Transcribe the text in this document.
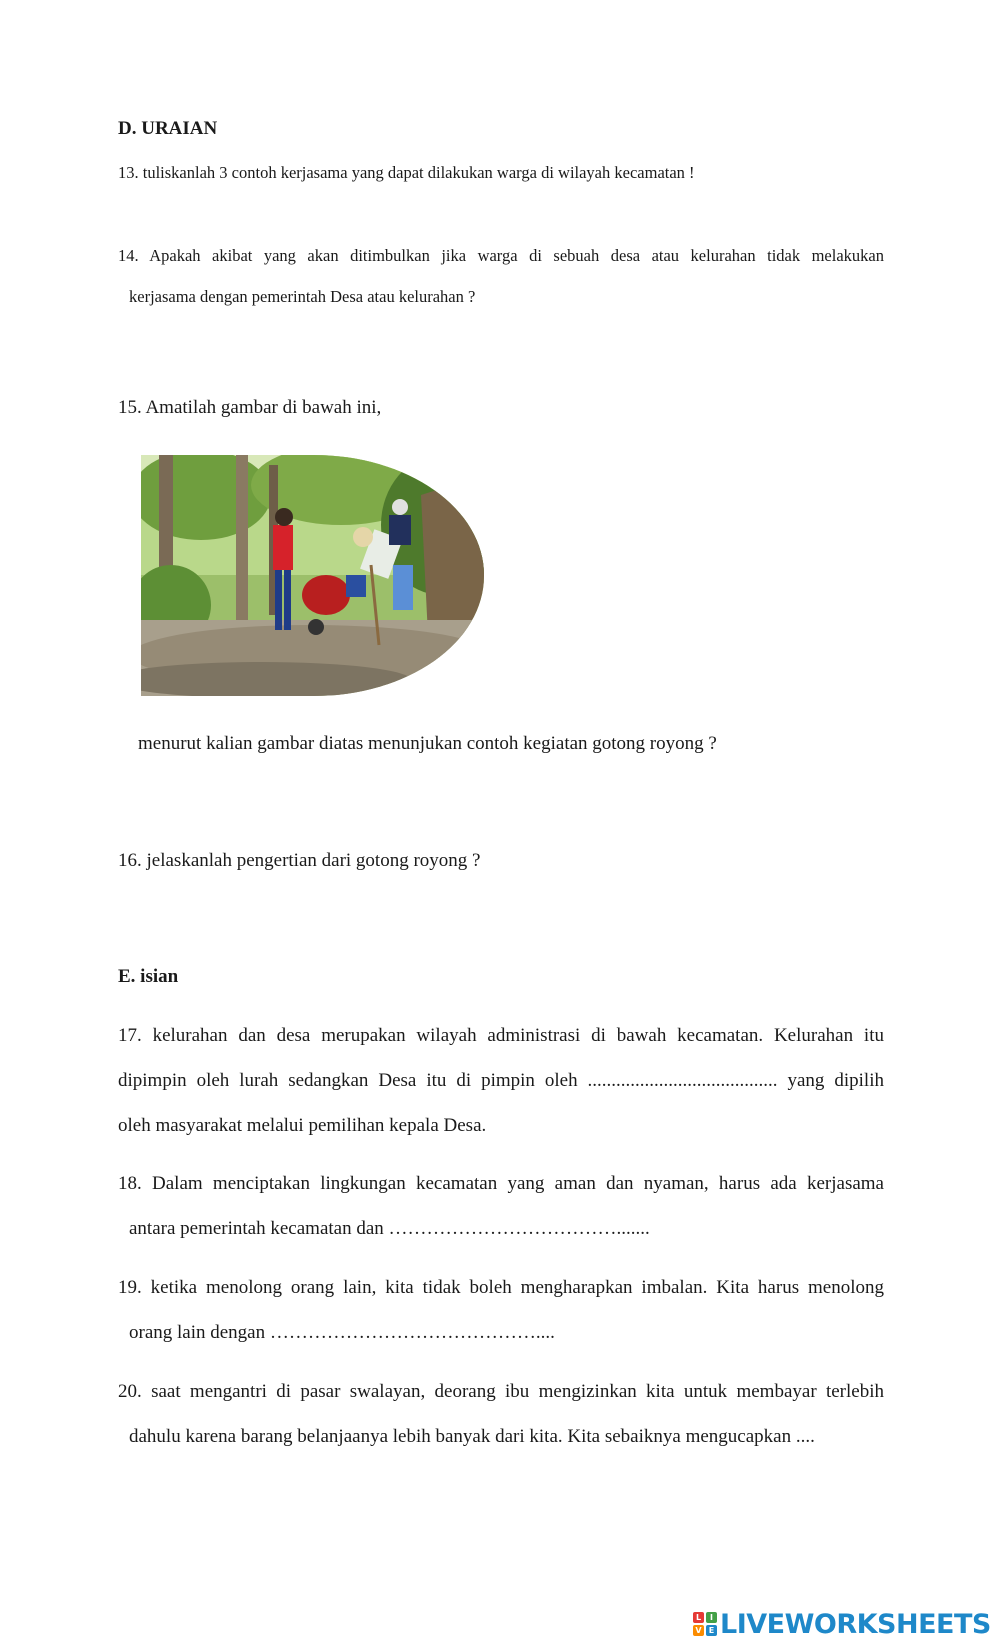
D. URAIAN
13. tuliskanlah 3 contoh kerjasama yang dapat dilakukan warga di wilayah kecamatan !
14. Apakah akibat yang akan ditimbulkan jika warga di sebuah desa atau kelurahan tidak melakukan
kerjasama dengan pemerintah Desa atau kelurahan ?
15. Amatilah gambar di bawah ini,
menurut kalian gambar diatas menunjukan contoh kegiatan gotong royong ?
16. jelaskanlah pengertian dari gotong royong ?
E. isian
17. kelurahan dan desa merupakan wilayah administrasi di bawah kecamatan. Kelurahan itu
dipimpin oleh lurah sedangkan Desa itu di pimpin oleh ........................................ yang dipilih
oleh masyarakat melalui pemilihan kepala Desa.
18. Dalam menciptakan lingkungan kecamatan yang aman dan nyaman, harus ada kerjasama
antara pemerintah kecamatan dan ……………………………….......
19. ketika menolong orang lain, kita tidak boleh mengharapkan imbalan. Kita harus menolong
orang lain dengan ……………………………………....
20. saat mengantri di pasar swalayan, deorang ibu mengizinkan kita untuk membayar terlebih
dahulu karena barang belanjaanya lebih banyak dari kita. Kita sebaiknya mengucapkan ....
L	I
V E LIVEWORKSHEETS
